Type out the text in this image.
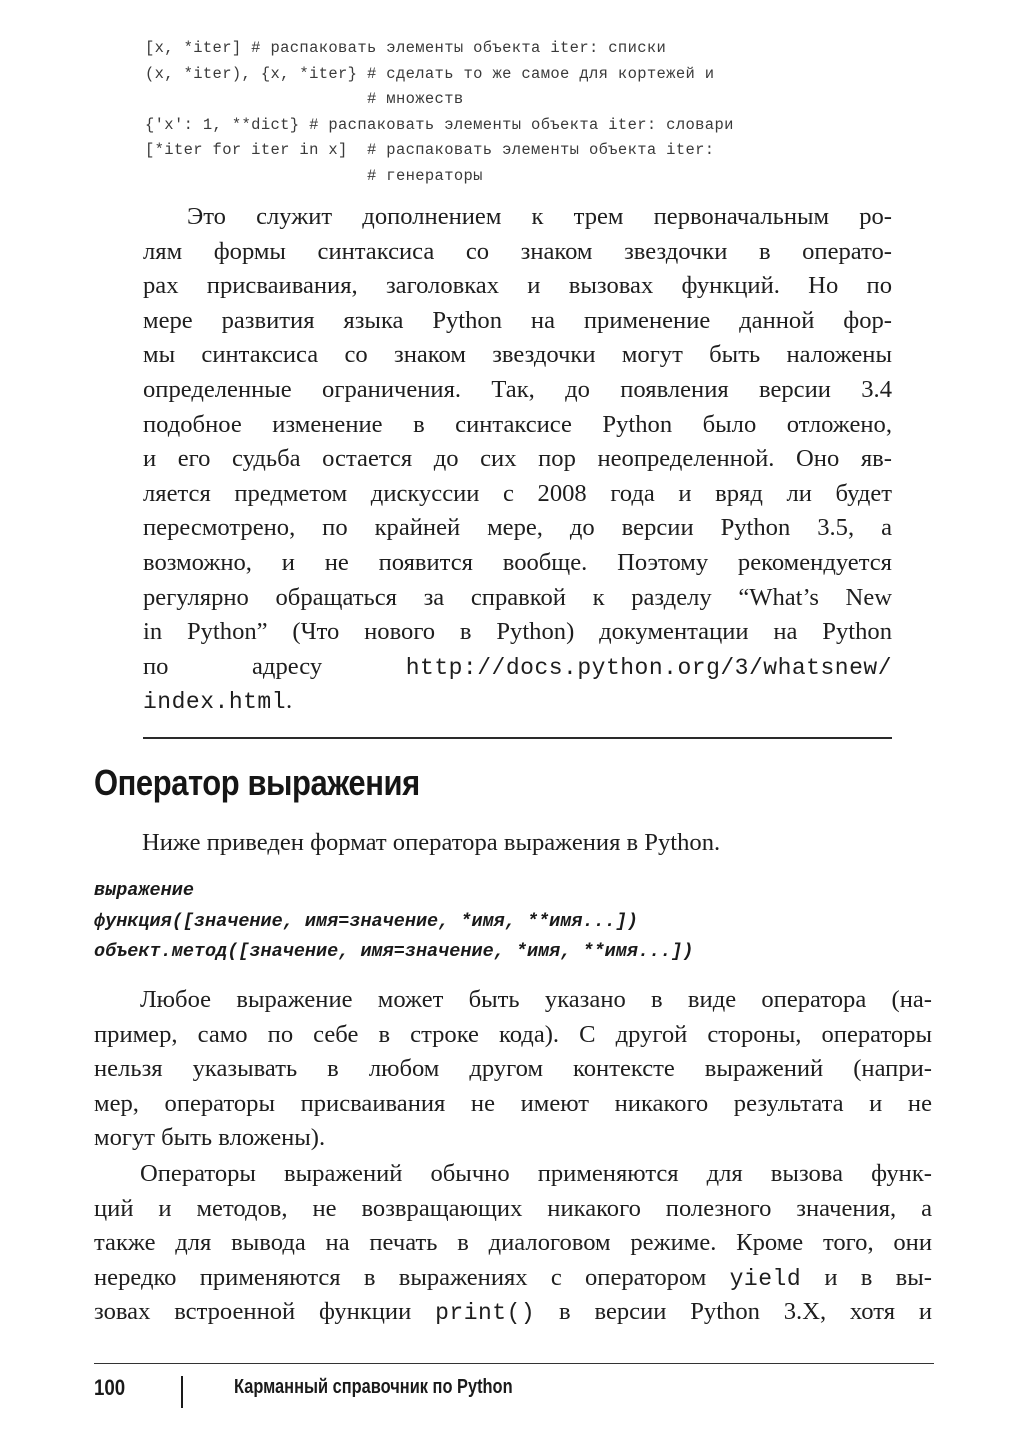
[x, *iter] # распаковать элементы объекта iter: списки
(x, *iter), {x, *iter} # сделать то же самое для кортежей и
# множеств
{'x': 1, **dict} # распаковать элементы объекта iter: словари
[*iter for iter in x]  # распаковать элементы объекта iter:
# генераторы
Это служит дополнением к трем первоначальным ро-
лям формы синтаксиса со знаком звездочки в операто-
рах присваивания, заголовках и вызовах функций. Но по
мере развития языка Python на применение данной фор-
мы синтаксиса со знаком звездочки могут быть наложены
определенные ограничения. Так, до появления версии 3.4
подобное изменение в синтаксисе Python было отложено,
и его судьба остается до сих пор неопределенной. Оно яв-
ляется предметом дискуссии с 2008 года и вряд ли будет
пересмотрено, по крайней мере, до версии Python 3.5, а
возможно, и не появится вообще. Поэтому рекомендуется
регулярно обращаться за справкой к разделу “What’s New
in Python” (Что нового в Python) документации на Python
по адресу	http://docs.python.org/3/whatsnew/
index.html.
Оператор выражения
Ниже приведен формат оператора выражения в Python.
выражение
функция([значение, имя=значение, *имя, **имя...])
объект.метод([значение, имя=значение, *имя, **имя...])
Любое выражение может быть указано в виде оператора (на-
пример, само по себе в строке кода). С другой стороны, операторы
нельзя указывать в любом другом контексте выражений (напри-
мер, операторы присваивания не имеют никакого результата и не
могут быть вложены).
Операторы выражений обычно применяются для вызова функ-
ций и методов, не возвращающих никакого полезного значения, а
также для вывода на печать в диалоговом режиме. Кроме того, они
нередко применяются в выражениях с оператором yield и в вы-
зовах встроенной функции print() в версии Python 3.X, хотя и
100	Карманный справочник по Python
